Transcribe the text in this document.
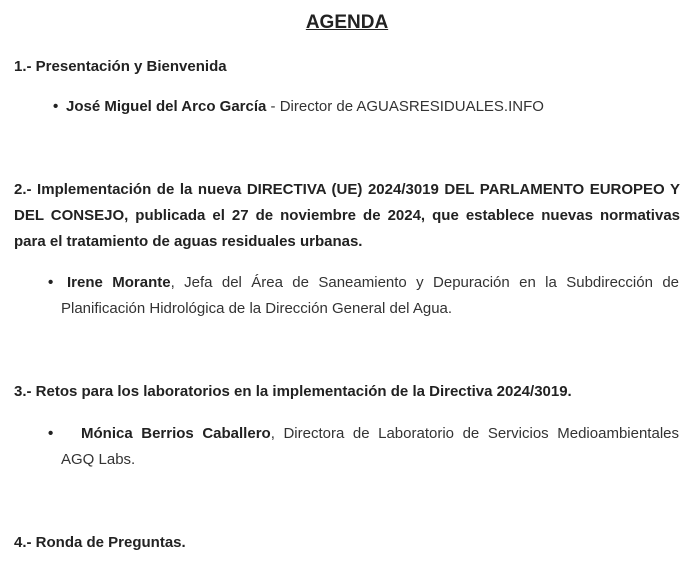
AGENDA
1.- Presentación y Bienvenida
• José Miguel del Arco García - Director de AGUASRESIDUALES.INFO
2.- Implementación de la nueva DIRECTIVA (UE) 2024/3019 DEL PARLAMENTO EUROPEO Y DEL CONSEJO, publicada el 27 de noviembre de 2024, que establece nuevas normativas para el tratamiento de aguas residuales urbanas.
• Irene Morante, Jefa del Área de Saneamiento y Depuración en la Subdirección de Planificación Hidrológica de la Dirección General del Agua.
3.- Retos para los laboratorios en la implementación de la Directiva 2024/3019.
• Mónica Berrios Caballero, Directora de Laboratorio de Servicios Medioambientales AGQ Labs.
4.- Ronda de Preguntas.
